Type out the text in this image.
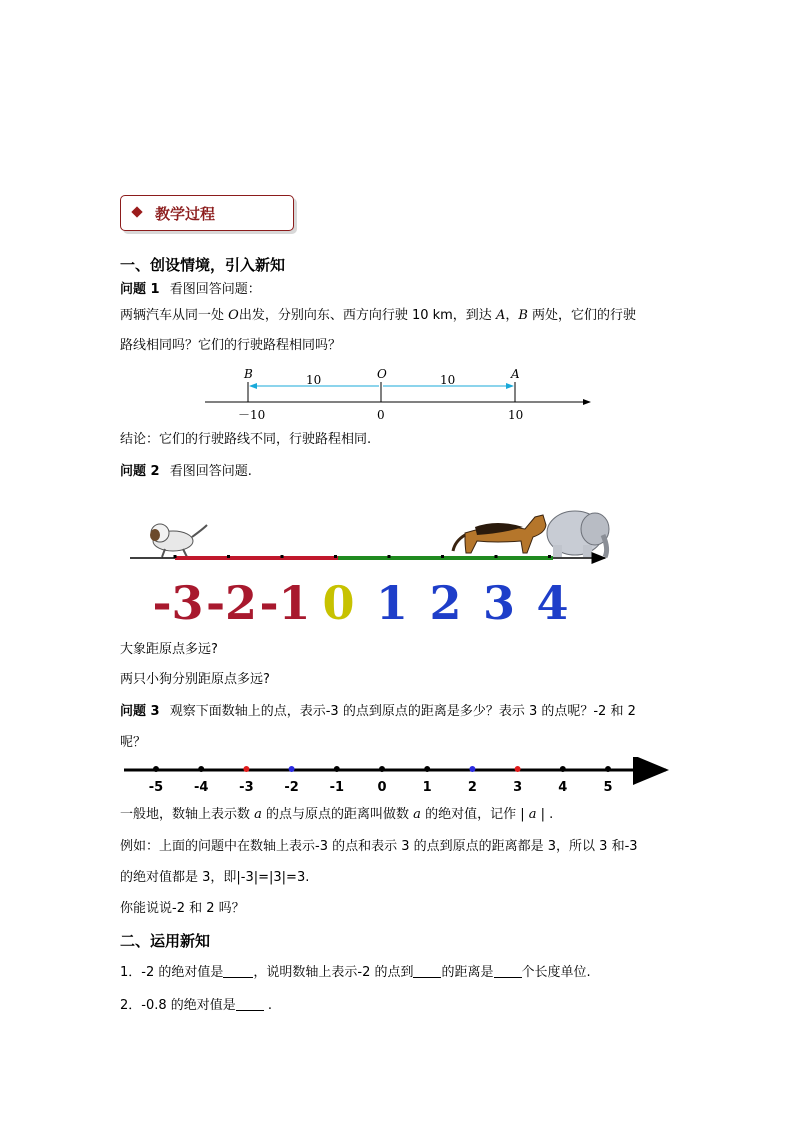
教学过程
一、创设情境，引入新知
问题 1 看图回答问题：
两辆汽车从同一处 O出发，分别向东、西方向行驶 10 km，到达 A，B 两处，它们的行驶
路线相同吗？它们的行驶路程相同吗？
B	O	A
10	10
－10	0	10
结论：它们的行驶路线不同，行驶路程相同.
问题 2 看图回答问题.
-3 -2 -1 0 1 2 3 4
大象距原点多远?
两只小狗分别距原点多远?
问题 3 观察下面数轴上的点，表示-3 的点到原点的距离是多少？表示 3 的点呢？-2 和 2
呢？
-5 -4 -3 -2 -1	0	1	2	3	4	5
一般地，数轴上表示数 a 的点与原点的距离叫做数 a 的绝对值，记作 | a | .
例如：上面的问题中在数轴上表示-3 的点和表示 3 的点到原点的距离都是 3，所以 3 和-3
的绝对值都是 3，即|-3|=|3|=3.
你能说说-2 和 2 吗？
二、运用新知
1．-2 的绝对值是 ，说明数轴上表示-2 的点到 的距离是 个长度单位.
2．-0.8 的绝对值是 .
